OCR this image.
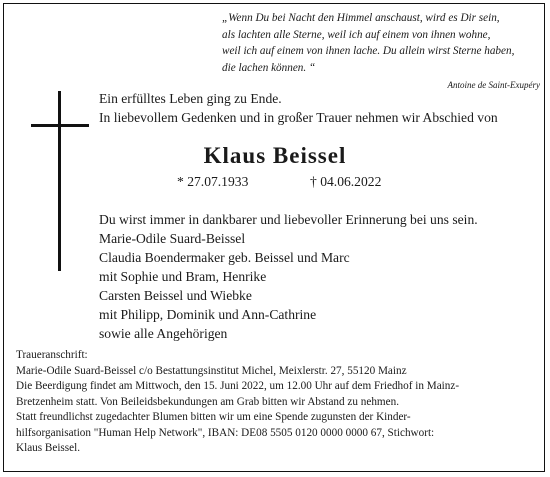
„Wenn Du bei Nacht den Himmel anschaust, wird es Dir sein,
als lachten alle Sterne, weil ich auf einem von ihnen wohne,
weil ich auf einem von ihnen lache. Du allein wirst Sterne haben,
die lachen können. “
Antoine de Saint-Exupéry
Ein erfülltes Leben ging zu Ende.
In liebevollem Gedenken und in großer Trauer nehmen wir Abschied von
Klaus Beissel
* 27.07.1933	† 04.06.2022
Du wirst immer in dankbarer und liebevoller Erinnerung bei uns sein.
Marie-Odile Suard-Beissel
Claudia Boendermaker geb. Beissel und Marc
mit Sophie und Bram, Henrike
Carsten Beissel und Wiebke
mit Philipp, Dominik und Ann-Cathrine
sowie alle Angehörigen
Traueranschrift:
Marie-Odile Suard-Beissel c/o Bestattungsinstitut Michel, Meixlerstr. 27, 55120 Mainz
Die Beerdigung findet am Mittwoch, den 15. Juni 2022, um 12.00 Uhr auf dem Friedhof in Mainz-
Bretzenheim statt. Von Beileidsbekundungen am Grab bitten wir Abstand zu nehmen.
Statt freundlichst zugedachter Blumen bitten wir um eine Spende zugunsten der Kinder-
hilfsorganisation "Human Help Network", IBAN: DE08 5505 0120 0000 0000 67, Stichwort:
Klaus Beissel.
